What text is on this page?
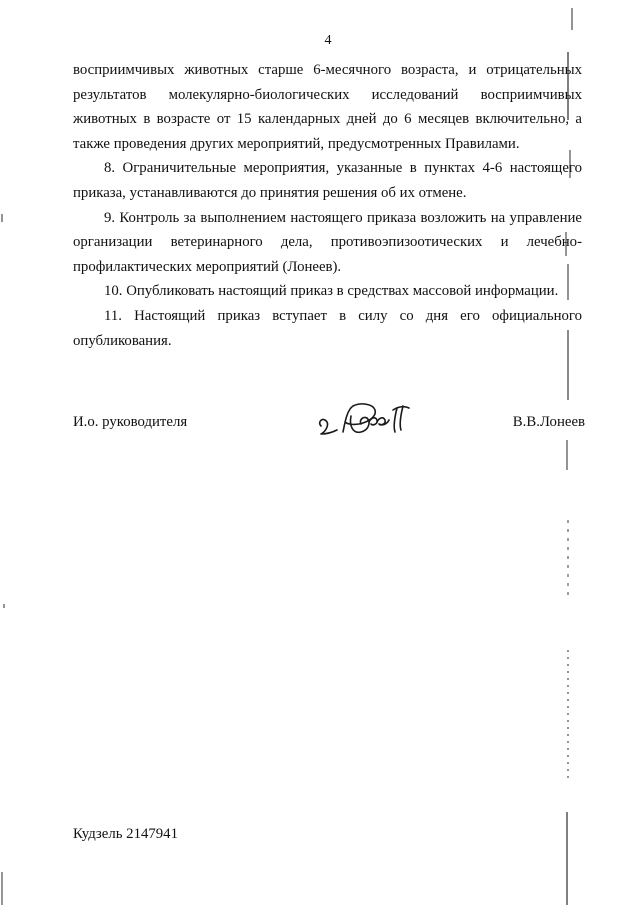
4

восприимчивых животных старше 6-месячного возраста, и отрицательных результатов молекулярно-биологических исследований восприимчивых животных в возрасте от 15 календарных дней до 6 месяцев включительно, а также проведения других мероприятий, предусмотренных Правилами.

8. Ограничительные мероприятия, указанные в пунктах 4-6 настоящего приказа, устанавливаются до принятия решения об их отмене.

9. Контроль за выполнением настоящего приказа возложить на управление организации ветеринарного дела, противоэпизоотических и лечебно-профилактических мероприятий (Лонеев).

10. Опубликовать настоящий приказ в средствах массовой информации.

11. Настоящий приказ вступает в силу со дня его официального опубликования.

И.о. руководителя	В.В.Лонеев
Кудзель 2147941
